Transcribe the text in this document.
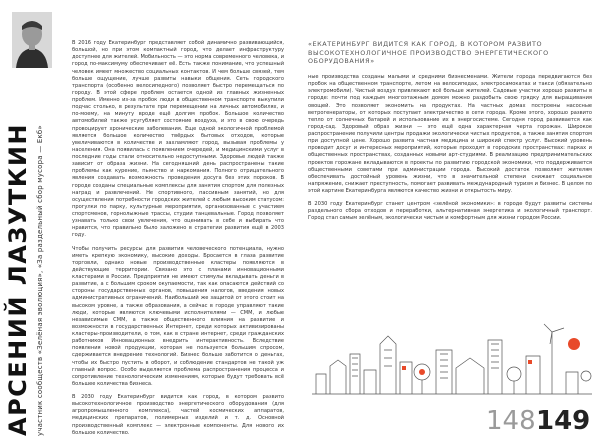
АРСЕНИЙ ЛАЗУТКИН участник сообществ «Зелёная эволюция», «За раздельный сбор мусора — Екб»

В 2016 году Екатеринбург представляет собой динамично развивающийся, большой, но при этом компактный город, что делает инфраструктуру доступнее для жителей. Мобильность — это норма современного человека, и город по-максимуму обеспечивает её. Есть также понимание, что успешный человек имеет множество социальных контактов. И чем больше связей, тем больше ощущение, лучше развиты навыки общения. Сеть городского транспорта (особенно велосипедного) позволяет быстро перемещаться по городу. В этой сфере проблем остается одной из главных жизненных проблем. Именно из-за пробок люди в общественном транспорте выкупили подчас столько, в результате при перемещении на личных автомобилях, и по-моему, на минуту вроде ещё долгим пробок. Большое количество автомобилей также усугубляет состояние воздуха, и это в свою очередь провоцирует хронические заболевания. Еще одной экологичной проблемой является большое количество твёрдых бытовых отходов, которые увеличиваются в количестве и захламляют город, вызывая проблемы у населения. Она появилась с появлением очередей, и медицинскими услуг в последние годы стали относительно недоступными. Здоровье людей также зависит от образа жизни. На сегодняшний день распространены такие проблемы как курение, пьянство и наркомания. Полного отрицательного явления создавать возможность проведения досуга без этих пороков. В городе созданы специальные комплексы для занятия спортом для полезных наград и развлечений. Не спортивного, пассивным занятий, но для осуществления потребности городских жителей с любым высоким статусом: прогулки по парку, культурные мероприятия, организованные с участием спортсменов, горнолыжные трассы, студии танцевальные. Город позволяет узнавать только свои увлечения, что оценивать в себе и выбирать что нравится, что правильно было заложено в стратегии развития ещё в 2003 году.

Чтобы получить ресурсы для развития человеческого потенциала, нужно иметь крепкую экономику, высокие доходы. Бросается в глаза развитие торговли, однако новые производственные кластеры появляются в действующие территории. Связано это с планами инновационными кластерами в России. Предприятия не имеют стимулы вкладывать деньги в развитие, а с большим сроком окупаемости, так как опасаются действий со стороны государственных органов, повышения налогов, введения новых административных ограничений. Наибольший же защитой от этого стоит на высоком уровне, а также образования, а сейчас в городе управляют такие люди, которые являются ключевыми исполнителями — СММ, и любые независимые СММ, а также общественного влияния на развитие и возможности в государственных Интернет, среди которых активизированы кластеры-производители, о том, как в стране интернет, среди гражданских работников Инновационных внедрить интерактивность. Вследствие появления новой продукции, которая не пользуется большим спросом, сдерживается внедрение технологий. Бизнес больше заботится о деньгах, чтобы их быстро пустить в оборот, и соблюдение стандартов не такой уж главный вопрос. Особо выделяется проблема распространения процесса и сопротивление технологическим изменениям, которые будут требовать всё большее количества бизнеса.

В 2030 году Екатеринбург видится как город, в котором развито высокотехнологичное производство энергетического оборудования (для агропромышленного комплекса), частей космических аппаратов, медицинских препаратов, полимерных изделий и т. д. Основной производственный комплекс — электронные компоненты. Для нового их большое количество.

«ЕКАТЕРИНБУРГ ВИДИТСЯ КАК ГОРОД, В КОТОРОМ РАЗВИТО ВЫСОКОТЕХНОЛОГИЧНОЕ ПРОИЗВОДСТВО ЭНЕРГЕТИЧЕСКОГО ОБОРУДОВАНИЯ»

ные производства созданы малыми и средними бизнесменами. Жители города передвигаются без пробок на общественном транспорте, летом на велосипедах, электросамокатах и такси (обязательно электромобили). Чистый воздух привлекают всё больше жителей. Садовые участки хорошо развиты в городе: почти под каждым многоэтажным домом можно раздобыть свою грядку для выращивания овощей. Это позволяет экономить на продуктах. На частных домах построены насосные ветрогенераторы, от которых поступает электричество в сети города. Кроме этого, хорошо развито тепло от солнечных батарей и использование их в энергосистеме. Сегодня город развивается как город-сад. Здоровый образ жизни — это ещё одна характерная черта горожан. Широкое распространение получили центры продажи экологически чистых продуктов, а также занятия спортом при доступной цене. Хорошо развита частная медицина и широкий спектр услуг. Высокий уровень проводит досуг и интересных мероприятий, которые проходят в городских пространствах: парках и общественных пространствах, созданных новыми арт-студиями. В реализацию предпринимательских проектов горожане вкладываются в проекты по развитию городской экономики, что поддерживается общественными советами при администрации города. Высокий достаток позволяет жителям обеспечивать достойный уровень жизни, что в значительной степени снижает социальное напряжение, снижает преступность, помогает развивать международный туризм и бизнес. В целом по этой картине Екатеринбурга являются качество жизни и открытость миру.

В 2030 году Екатеринбург станет центром «зелёной экономики»: в городе будут развиты системы раздельного сбора отходов и переработки, альтернативная энергетика и экологичный транспорт. Город стал самым зелёным, экологически чистым и комфортным для жизни городом России.

148 149
